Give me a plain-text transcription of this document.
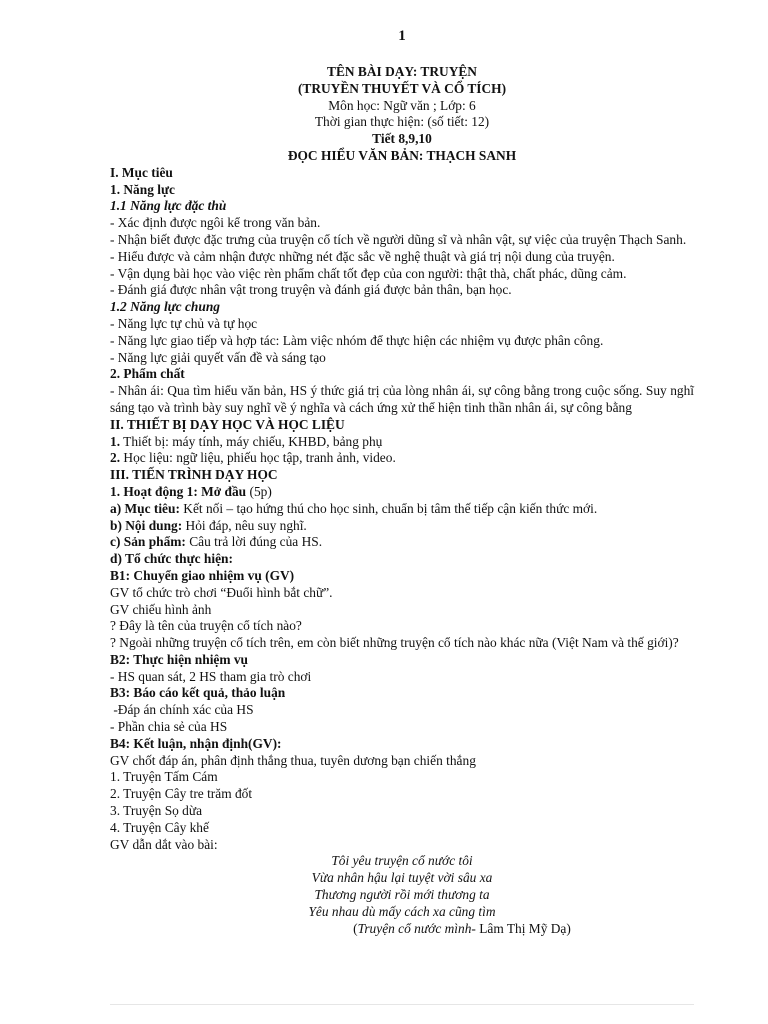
1
TÊN BÀI DẠY: TRUYỆN
(TRUYỀN THUYẾT VÀ CỔ TÍCH)
Môn học: Ngữ văn ; Lớp: 6
Thời gian thực hiện: (số tiết: 12)
Tiết 8,9,10
ĐỌC HIỂU VĂN BẢN: THẠCH SANH
I. Mục tiêu
1. Năng lực
1.1 Năng lực đặc thù
- Xác định được ngôi kể trong văn bản.
- Nhận biết được đặc trưng của truyện cổ tích về người dũng sĩ và nhân vật, sự việc của truyện Thạch Sanh.
- Hiểu được và cảm nhận được những nét đặc sắc về nghệ thuật và giá trị nội dung của truyện.
- Vận dụng bài học vào việc rèn phẩm chất tốt đẹp của con người: thật thà, chất phác, dũng cảm.
- Đánh giá được nhân vật trong truyện và đánh giá được bản thân, bạn học.
1.2 Năng lực chung
- Năng lực tự chủ và tự học
- Năng lực giao tiếp và hợp tác: Làm việc nhóm để thực hiện các nhiệm vụ được phân công.
- Năng lực giải quyết vấn đề và sáng tạo
2. Phẩm chất
- Nhân ái: Qua tìm hiểu văn bản, HS ý thức giá trị của lòng nhân ái, sự công bằng trong cuộc sống. Suy nghĩ sáng tạo và trình bày suy nghĩ về ý nghĩa và cách ứng xử thể hiện tinh thần nhân ái, sự công bằng
II. THIẾT BỊ DẠY HỌC VÀ HỌC LIỆU
1. Thiết bị: máy tính, máy chiếu, KHBD, bảng phụ
2. Học liệu: ngữ liệu, phiếu học tập, tranh ảnh, video.
III. TIẾN TRÌNH DẠY HỌC
1. Hoạt động 1: Mở đầu (5p)
a) Mục tiêu: Kết nối – tạo hứng thú cho học sinh, chuẩn bị tâm thế tiếp cận kiến thức mới.
b) Nội dung: Hỏi đáp, nêu suy nghĩ.
c) Sản phẩm: Câu trả lời đúng của HS.
d) Tổ chức thực hiện:
B1: Chuyển giao nhiệm vụ (GV)
GV tổ chức trò chơi “Đuổi hình bắt chữ”.
GV chiếu hình ảnh
? Đây là tên của truyện cổ tích nào?
? Ngoài những truyện cổ tích trên, em còn biết những truyện cổ tích nào khác nữa (Việt Nam và thế giới)?
B2: Thực hiện nhiệm vụ
- HS quan sát, 2 HS tham gia trò chơi
B3: Báo cáo kết quả, thảo luận
-Đáp án chính xác của HS
- Phần chia sẻ của HS
B4: Kết luận, nhận định(GV):
GV chốt đáp án, phân định thắng thua, tuyên dương bạn chiến thắng
1. Truyện Tấm Cám
2. Truyện Cây tre trăm đốt
3. Truyện Sọ dừa
4. Truyện Cây khế
GV dẫn dắt vào bài:
Tôi yêu truyện cổ nước tôi
Vừa nhân hậu lại tuyệt vời sâu xa
Thương người rồi mới thương ta
Yêu nhau dù mấy cách xa cũng tìm
(Truyện cổ nước mình- Lâm Thị Mỹ Dạ)
